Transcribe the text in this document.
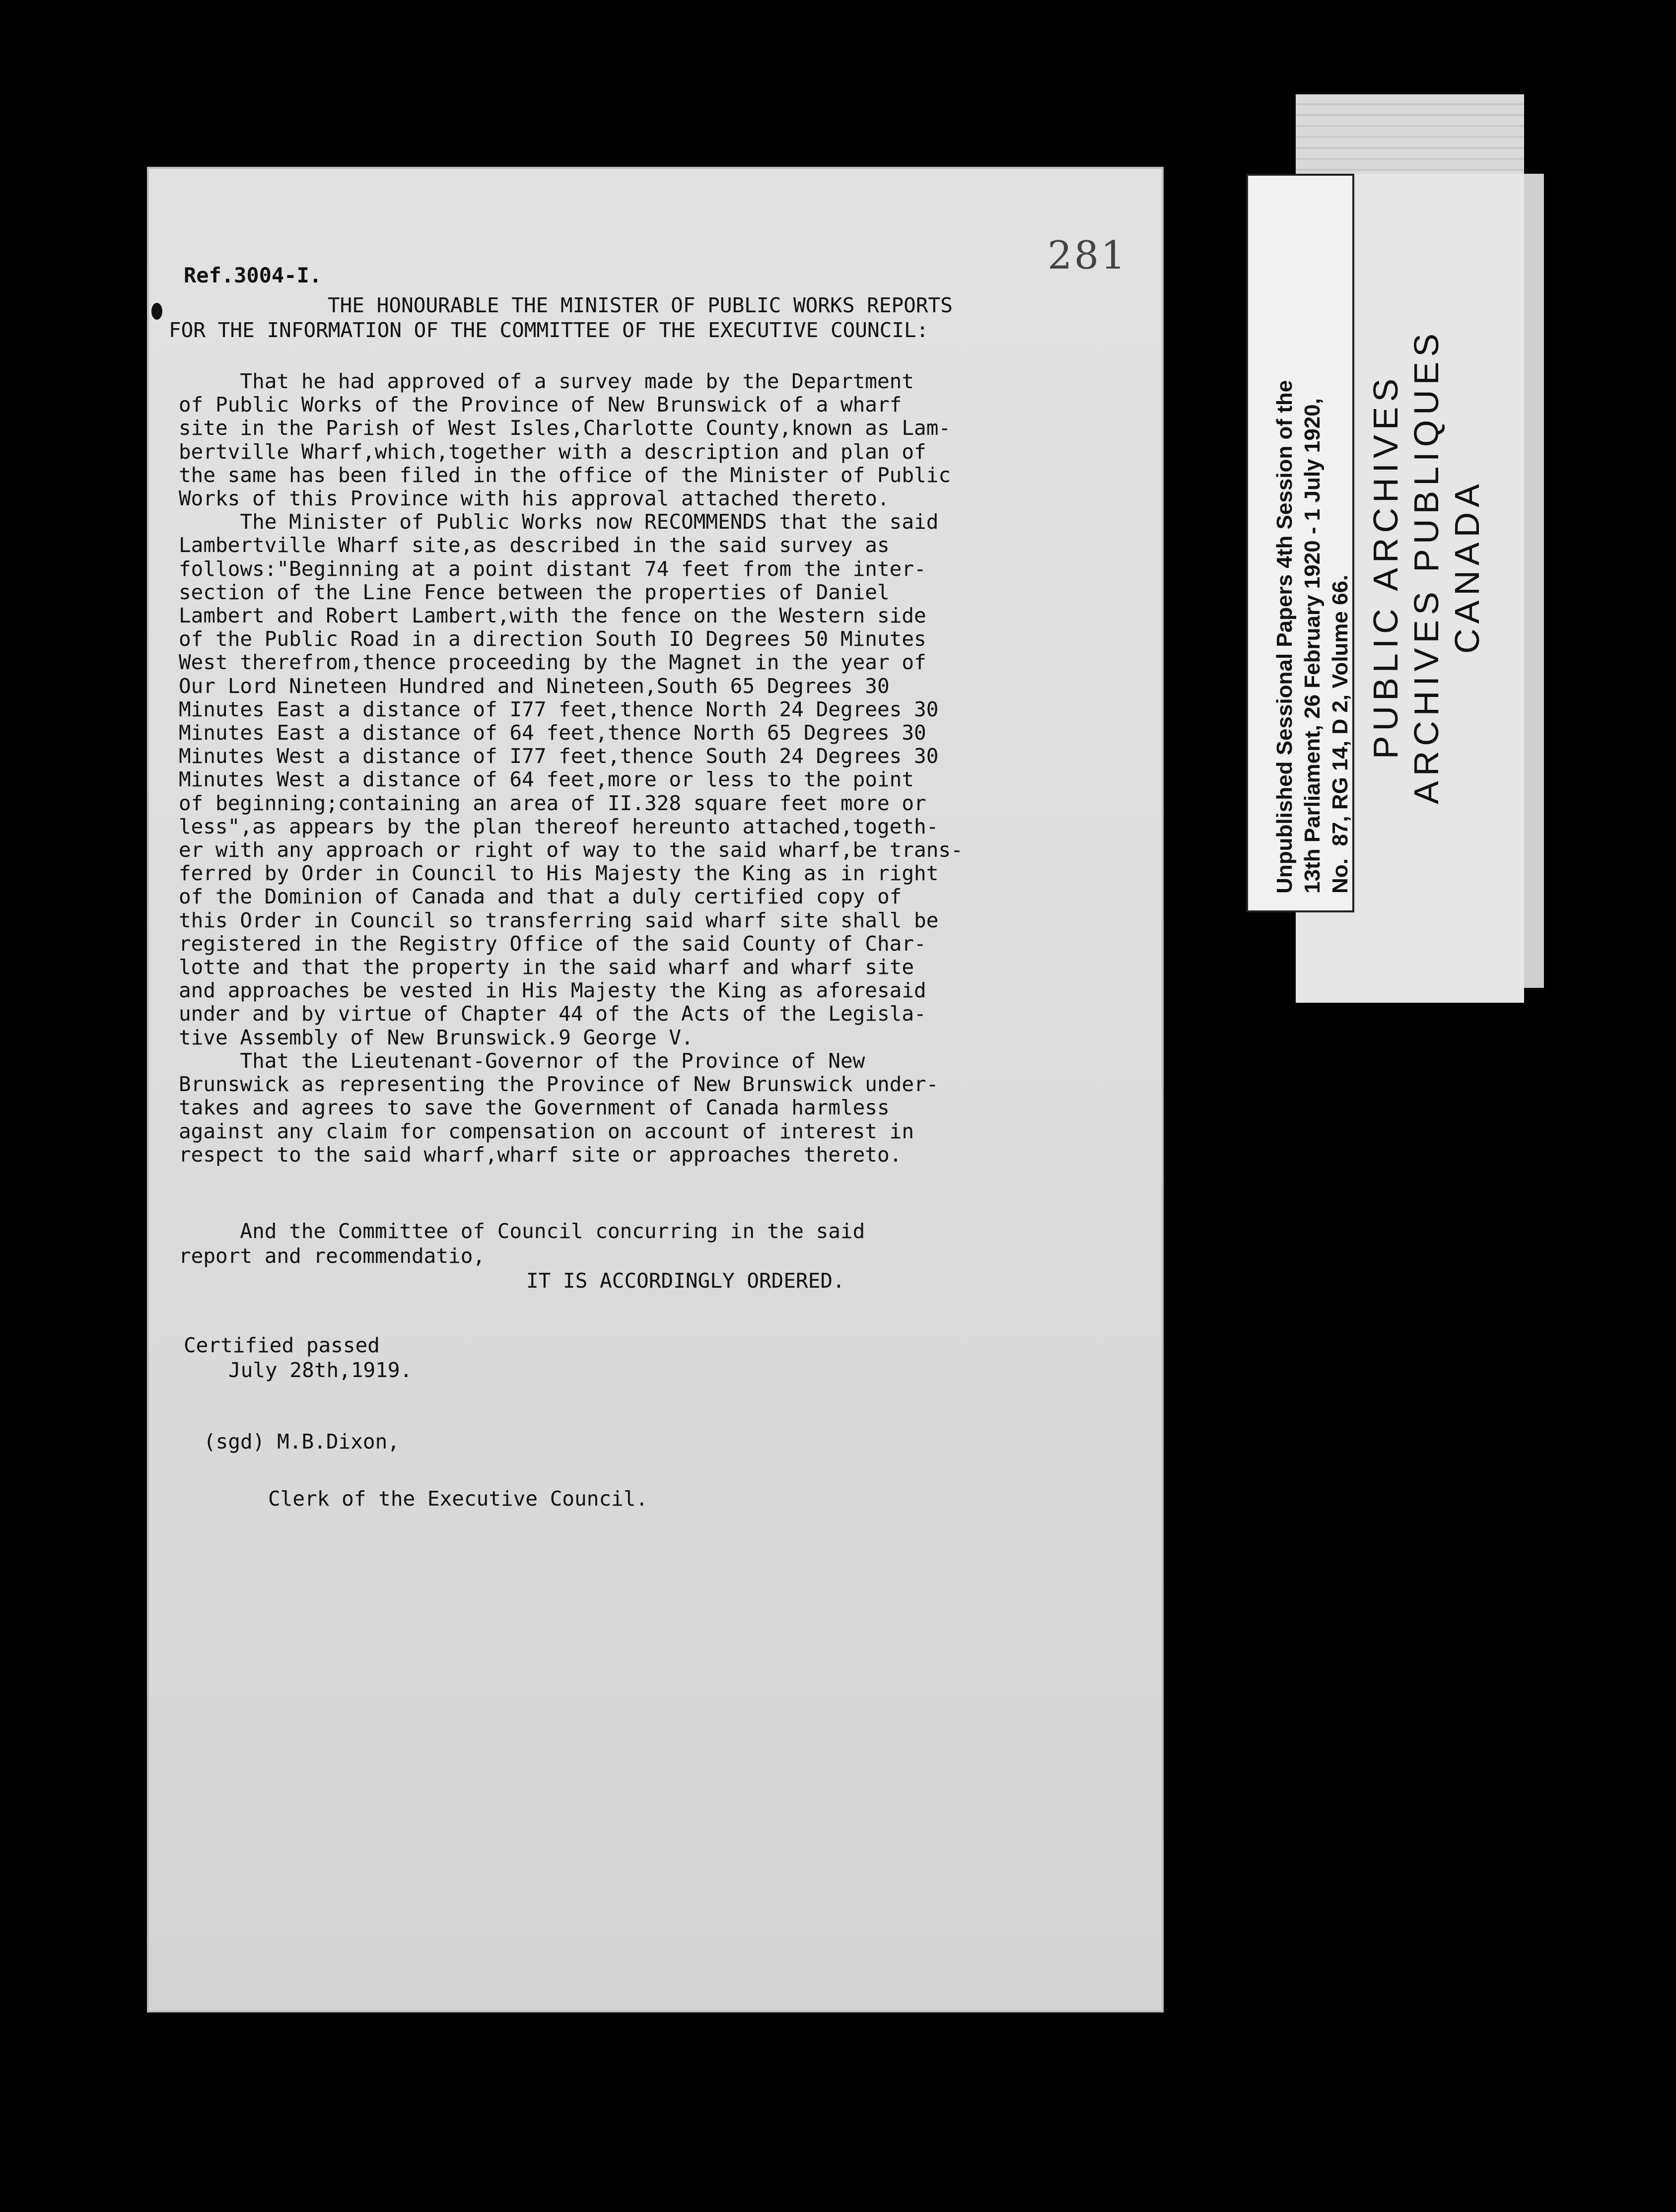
281
Ref.3004-I.
THE HONOURABLE THE MINISTER OF PUBLIC WORKS REPORTS
FOR THE INFORMATION OF THE COMMITTEE OF THE EXECUTIVE COUNCIL:
That he had approved of a survey made by the Department
of Public Works of the Province of New Brunswick of a wharf
site in the Parish of West Isles,Charlotte County,known as Lam-
bertville Wharf,which,together with a description and plan of
the same has been filed in the office of the Minister of Public
Works of this Province with his approval attached thereto.
The Minister of Public Works now RECOMMENDS that the said
Lambertville Wharf site,as described in the said survey as
follows:"Beginning at a point distant 74 feet from the inter-
section of the Line Fence between the properties of Daniel
Lambert and Robert Lambert,with the fence on the Western side
of the Public Road in a direction South IO Degrees 50 Minutes
West therefrom,thence proceeding by the Magnet in the year of
Our Lord Nineteen Hundred and Nineteen,South 65 Degrees 30
Minutes East a distance of I77 feet,thence North 24 Degrees 30
Minutes East a distance of 64 feet,thence North 65 Degrees 30
Minutes West a distance of I77 feet,thence South 24 Degrees 30
Minutes West a distance of 64 feet,more or less to the point
of beginning;containing an area of II.328 square feet more or
less",as appears by the plan thereof hereunto attached,togeth-
er with any approach or right of way to the said wharf,be trans-
ferred by Order in Council to His Majesty the King as in right
of the Dominion of Canada and that a duly certified copy of
this Order in Council so transferring said wharf site shall be
registered in the Registry Office of the said County of Char-
lotte and that the property in the said wharf and wharf site
and approaches be vested in His Majesty the King as aforesaid
under and by virtue of Chapter 44 of the Acts of the Legisla-
tive Assembly of New Brunswick.9 George V.
That the Lieutenant-Governor of the Province of New
Brunswick as representing the Province of New Brunswick under-
takes and agrees to save the Government of Canada harmless
against any claim for compensation on account of interest in
respect to the said wharf,wharf site or approaches thereto.
And the Committee of Council concurring in the said
report and recommendatio,
IT IS ACCORDINGLY ORDERED.
Certified passed
July 28th,1919.
(sgd) M.B.Dixon,
Clerk of the Executive Council.
Unpublished Sessional Papers 4th Session of the 13th Parliament, 26 February 1920 - 1 July 1920, No.  87, RG 14, D 2, Volume 66. PUBLIC ARCHIVES ARCHIVES PUBLIQUES CANADA
